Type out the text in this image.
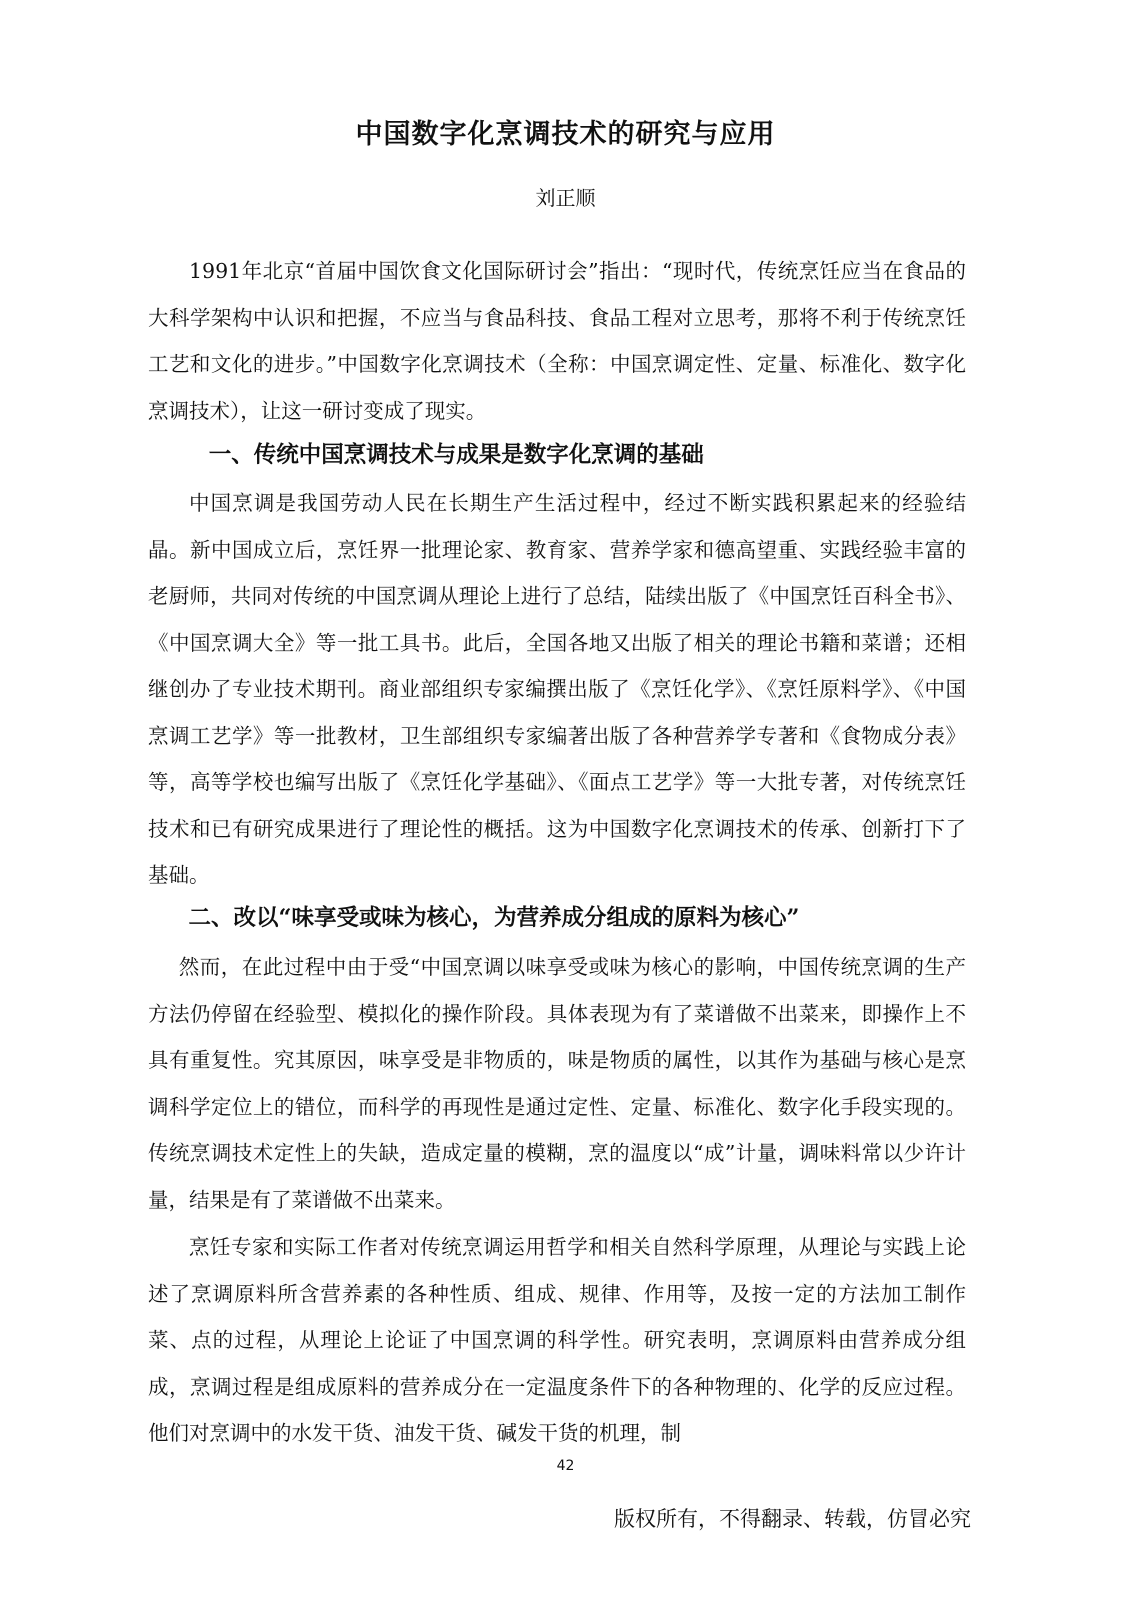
中国数字化烹调技术的研究与应用

刘正顺

1991年北京“首届中国饮食文化国际研讨会”指出：“现时代，传统烹饪应当在食品的大科学架构中认识和把握，不应当与食品科技、食品工程对立思考，那将不利于传统烹饪工艺和文化的进步。”中国数字化烹调技术（全称：中国烹调定性、定量、标准化、数字化烹调技术），让这一研讨变成了现实。

一、传统中国烹调技术与成果是数字化烹调的基础

中国烹调是我国劳动人民在长期生产生活过程中，经过不断实践积累起来的经验结晶。新中国成立后，烹饪界一批理论家、教育家、营养学家和德高望重、实践经验丰富的老厨师，共同对传统的中国烹调从理论上进行了总结，陆续出版了《中国烹饪百科全书》、《中国烹调大全》等一批工具书。此后，全国各地又出版了相关的理论书籍和菜谱；还相继创办了专业技术期刊。商业部组织专家编撰出版了《烹饪化学》、《烹饪原料学》、《中国烹调工艺学》等一批教材，卫生部组织专家编著出版了各种营养学专著和《食物成分表》等，高等学校也编写出版了《烹饪化学基础》、《面点工艺学》等一大批专著，对传统烹饪技术和已有研究成果进行了理论性的概括。这为中国数字化烹调技术的传承、创新打下了基础。

二、改以“味享受或味为核心，为营养成分组成的原料为核心”

然而，在此过程中由于受“中国烹调以味享受或味为核心的影响，中国传统烹调的生产方法仍停留在经验型、模拟化的操作阶段。具体表现为有了菜谱做不出菜来，即操作上不具有重复性。究其原因，味享受是非物质的，味是物质的属性，以其作为基础与核心是烹调科学定位上的错位，而科学的再现性是通过定性、定量、标准化、数字化手段实现的。传统烹调技术定性上的失缺，造成定量的模糊，烹的温度以“成”计量，调味料常以少许计量，结果是有了菜谱做不出菜来。

烹饪专家和实际工作者对传统烹调运用哲学和相关自然科学原理，从理论与实践上论述了烹调原料所含营养素的各种性质、组成、规律、作用等，及按一定的方法加工制作菜、点的过程，从理论上论证了中国烹调的科学性。研究表明，烹调原料由营养成分组成，烹调过程是组成原料的营养成分在一定温度条件下的各种物理的、化学的反应过程。他们对烹调中的水发干货、油发干货、碱发干货的机理，制

42

版权所有，不得翻录、转载，仿冒必究
